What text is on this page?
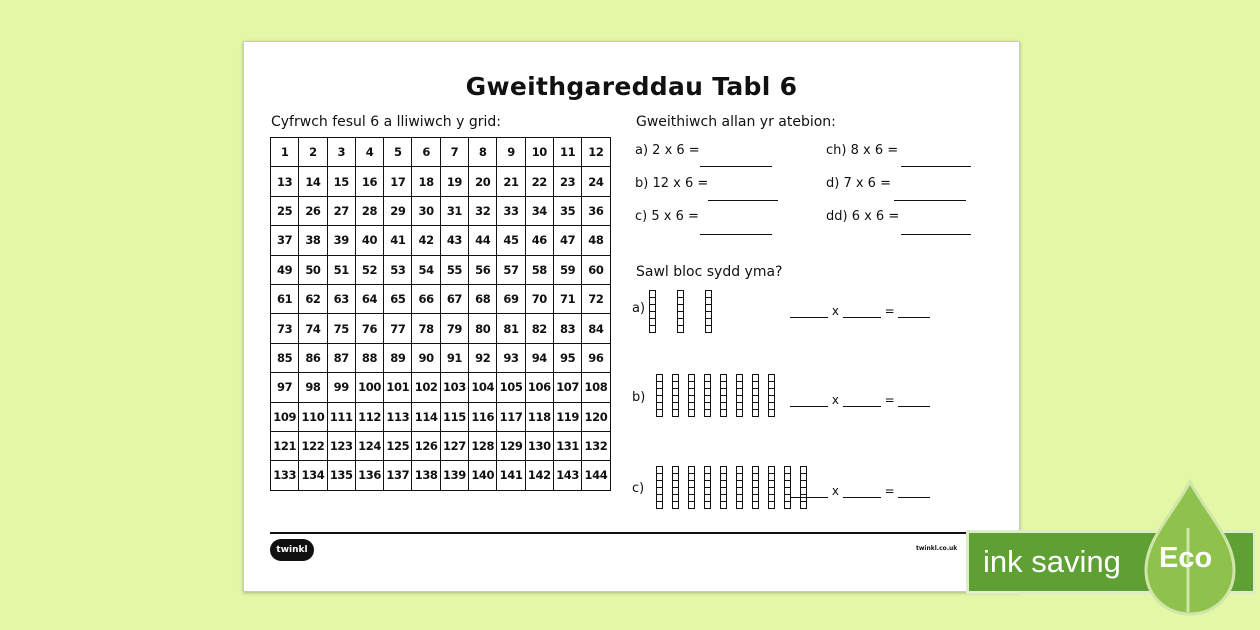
Gweithgareddau Tabl 6
Cyfrwch fesul 6 a lliwiwch y grid:
1	2	3	4	5	6	7	8	9	10	11	12
13	14	15	16	17	18	19	20	21	22	23	24
25	26	27	28	29	30	31	32	33	34	35	36
37	38	39	40	41	42	43	44	45	46	47	48
49	50	51	52	53	54	55	56	57	58	59	60
61	62	63	64	65	66	67	68	69	70	71	72
73	74	75	76	77	78	79	80	81	82	83	84
85	86	87	88	89	90	91	92	93	94	95	96
97	98	99	100	101	102	103	104	105	106	107	108
109	110	111	112	113	114	115	116	117	118	119	120
121	122	123	124	125	126	127	128	129	130	131	132
133	134	135	136	137	138	139	140	141	142	143	144
Gweithiwch allan yr atebion:
a) 2 x 6 =
b) 12 x 6 =
c) 5 x 6 =
ch) 8 x 6 =
d) 7 x 6 =
dd) 6 x 6 =
Sawl bloc sydd yma?
a)	x	=
b)	x	=
c)	x	=
twinkl	twinkl.co.uk ink saving Eco
